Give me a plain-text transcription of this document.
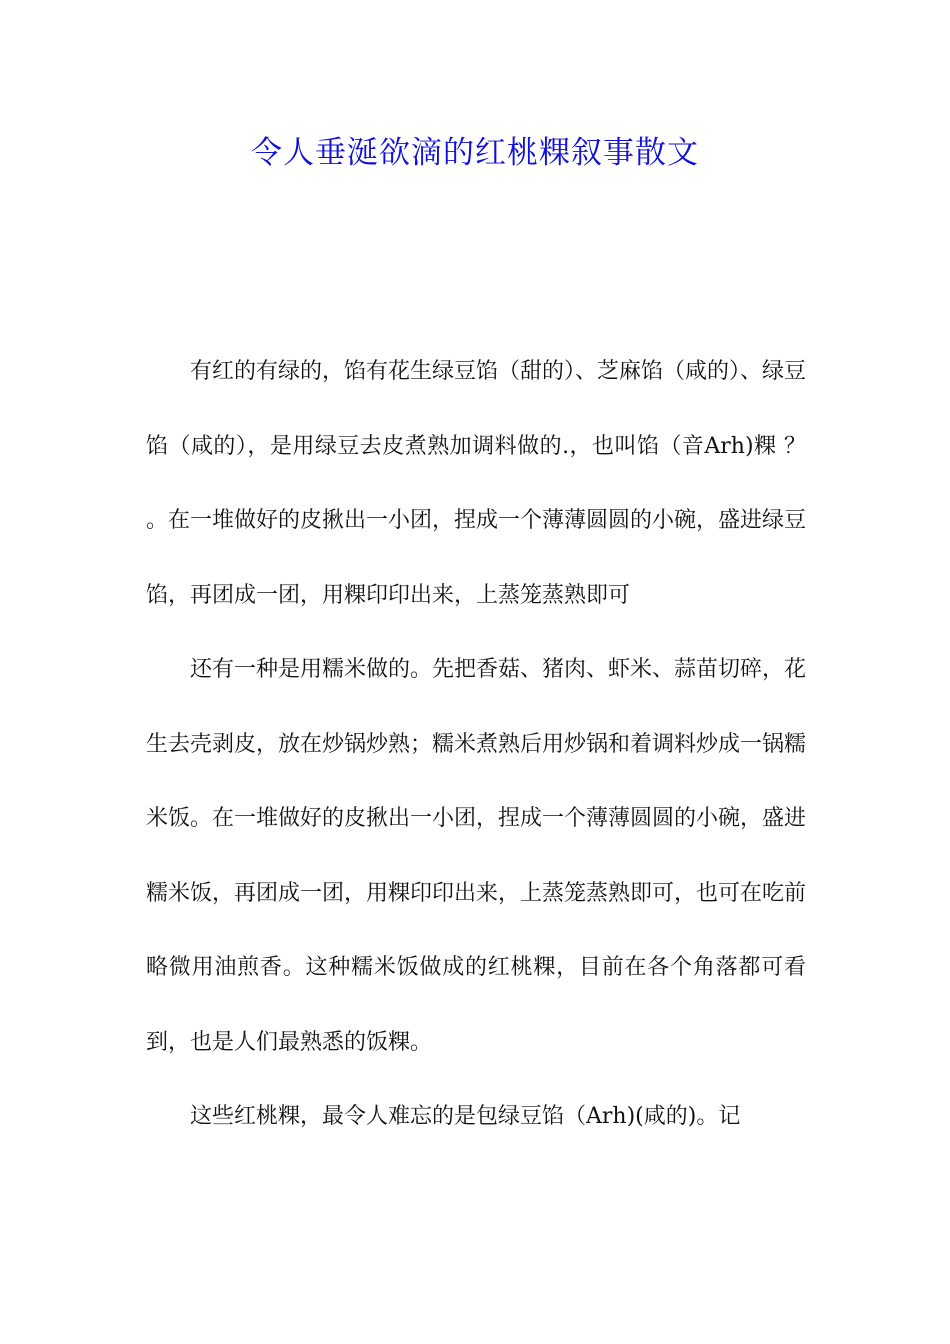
令人垂涎欲滴的红桃粿叙事散文

有红的有绿的，馅有花生绿豆馅（甜的）、芝麻馅（咸的）、绿豆馅（咸的），是用绿豆去皮煮熟加调料做的.，也叫馅（音Arh)粿 ？ 。在一堆做好的皮揪出一小团，捏成一个薄薄圆圆的小碗，盛进绿豆馅，再团成一团，用粿印印出来，上蒸笼蒸熟即可

还有一种是用糯米做的。先把香菇、猪肉、虾米、蒜苗切碎，花生去壳剥皮，放在炒锅炒熟；糯米煮熟后用炒锅和着调料炒成一锅糯米饭。在一堆做好的皮揪出一小团，捏成一个薄薄圆圆的小碗，盛进糯米饭，再团成一团，用粿印印出来，上蒸笼蒸熟即可，也可在吃前略微用油煎香。这种糯米饭做成的红桃粿，目前在各个角落都可看到，也是人们最熟悉的饭粿。

这些红桃粿，最令人难忘的是包绿豆馅（Arh)(咸的)。记
